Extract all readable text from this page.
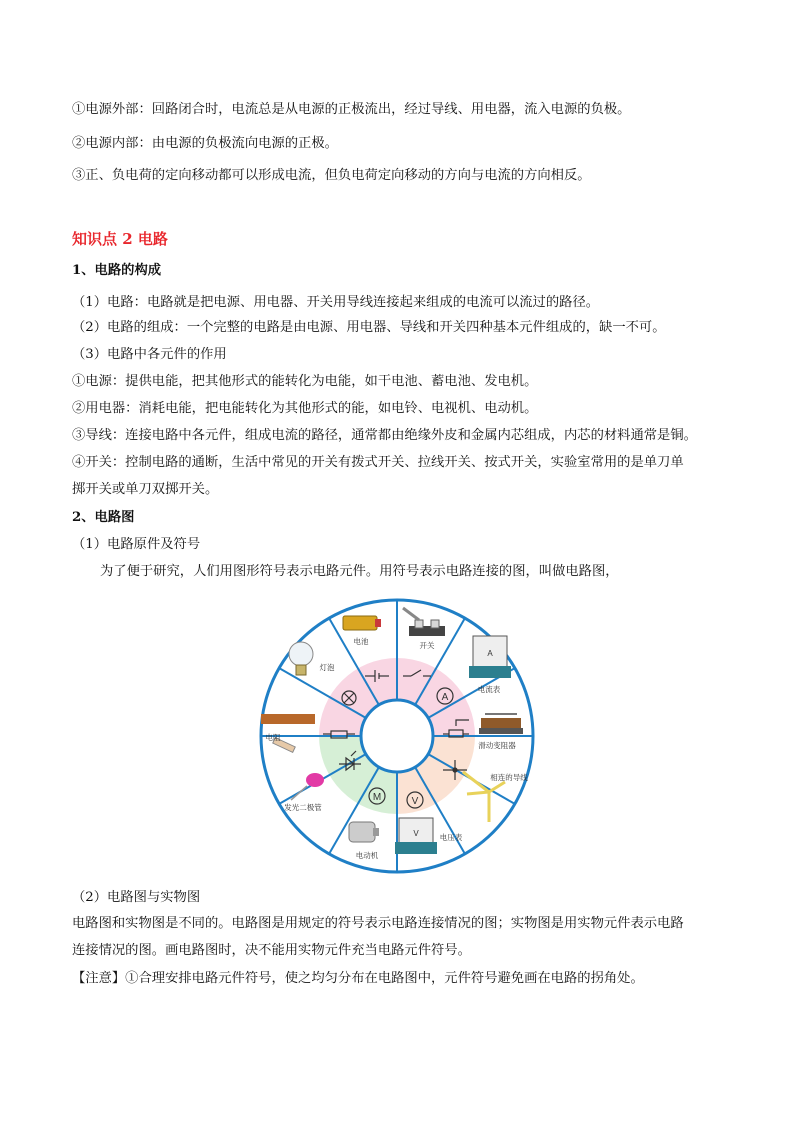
①电源外部：回路闭合时，电流总是从电源的正极流出，经过导线、用电器，流入电源的负极。
②电源内部：由电源的负极流向电源的正极。
③正、负电荷的定向移动都可以形成电流，但负电荷定向移动的方向与电流的方向相反。
知识点 2 电路
1、电路的构成
（1）电路：电路就是把电源、用电器、开关用导线连接起来组成的电流可以流过的路径。
（2）电路的组成：一个完整的电路是由电源、用电器、导线和开关四种基本元件组成的，缺一不可。
（3）电路中各元件的作用
①电源：提供电能，把其他形式的能转化为电能，如干电池、蓄电池、发电机。
②用电器：消耗电能，把电能转化为其他形式的能，如电铃、电视机、电动机。
③导线：连接电路中各元件，组成电流的路径，通常都由绝缘外皮和金属内芯组成，内芯的材料通常是铜。
④开关：控制电路的通断，生活中常见的开关有拨式开关、拉线开关、按式开关，实验室常用的是单刀单
掷开关或单刀双掷开关。
2、电路图
（1）电路原件及符号
为了便于研究，人们用图形符号表示电路元件。用符号表示电路连接的图，叫做电路图，
A
V
M
A
V
电池	开关
电流表
滑动变阻器
相连的导线
电压表
电动机
发光二极管
电阻
灯泡
（2）电路图与实物图
电路图和实物图是不同的。电路图是用规定的符号表示电路连接情况的图；实物图是用实物元件表示电路
连接情况的图。画电路图时，决不能用实物元件充当电路元件符号。
【注意】①合理安排电路元件符号，使之均匀分布在电路图中，元件符号避免画在电路的拐角处。
